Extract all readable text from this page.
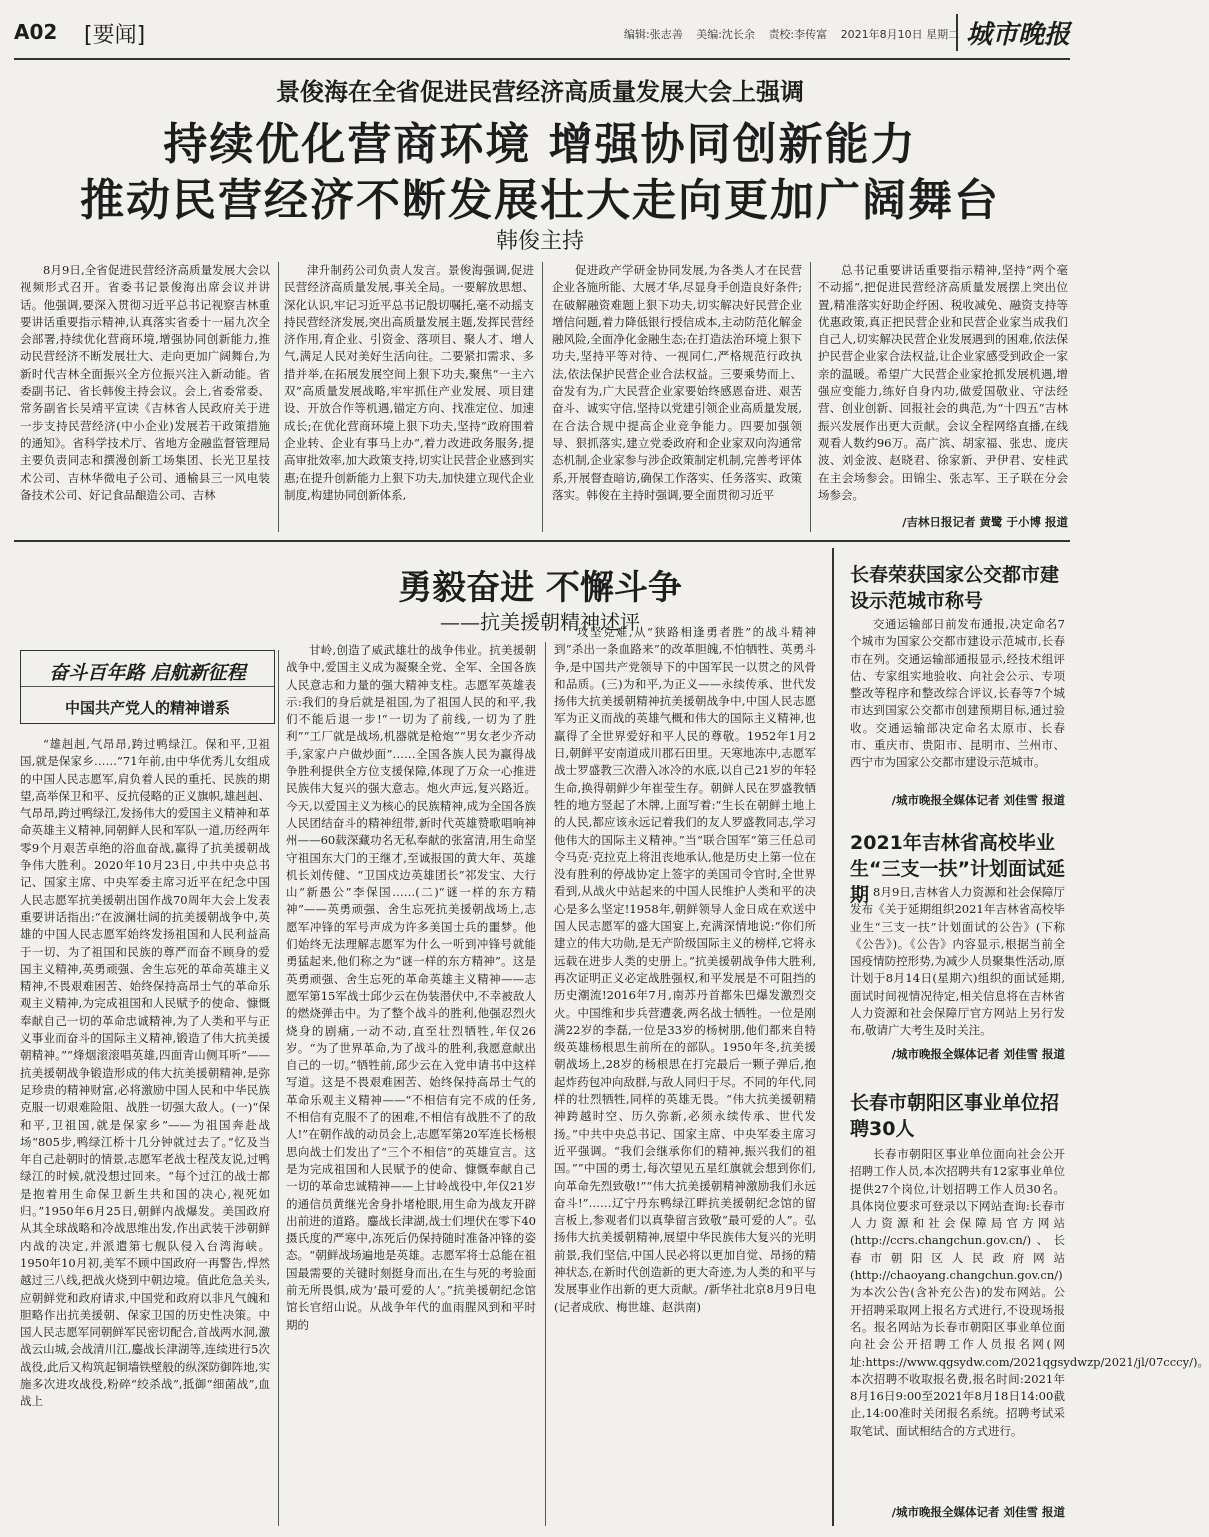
A02 [要闻]	编辑:张志善 美编:沈长余 责校:李传富 2021年8月10日 星期二 城市晚报
景俊海在全省促进民营经济高质量发展大会上强调
持续优化营商环境 增强协同创新能力
推动民营经济不断发展壮大走向更加广阔舞台
韩俊主持

8月9日,全省促进民营经济高质量发展大会以视频形式召开。省委书记景俊海出席会议并讲话。他强调,要深入贯彻习近平总书记视察吉林重要讲话重要指示精神,认真落实省委十一届九次全会部署,持续优化营商环境,增强协同创新能力,推动民营经济不断发展壮大、走向更加广阔舞台,为新时代吉林全面振兴全方位振兴注入新动能。省委副书记、省长韩俊主持会议。会上,省委常委、常务副省长吴靖平宣读《吉林省人民政府关于进一步支持民营经济(中小企业)发展若干政策措施的通知》。省科学技术厅、省地方金融监督管理局主要负责同志和撰漫创新工场集团、长光卫星技术公司、吉林华微电子公司、通榆县三一风电装备技术公司、好记食品酿造公司、吉林

津升制药公司负责人发言。景俊海强调,促进民营经济高质量发展,事关全局。一要解放思想、深化认识,牢记习近平总书记殷切嘱托,毫不动摇支持民营经济发展,突出高质量发展主题,发挥民营经济作用,育企业、引资金、落项目、聚人才、增人气,满足人民对美好生活向往。二要紧扣需求、多措并举,在拓展发展空间上狠下功夫,聚焦“一主六双”高质量发展战略,牢牢抓住产业发展、项目建设、开放合作等机遇,锚定方向、找准定位、加速成长;在优化营商环境上狠下功夫,坚持“政府围着企业转、企业有事马上办”,着力改进政务服务,提高审批效率,加大政策支持,切实让民营企业感到实惠;在提升创新能力上狠下功夫,加快建立现代企业制度,构建协同创新体系,

促进政产学研金协同发展,为各类人才在民营企业各施所能、大展才华,尽显身手创造良好条件;在破解融资难题上狠下功夫,切实解决好民营企业增信问题,着力降低银行授信成本,主动防范化解金融风险,全面净化金融生态;在打造法治环境上狠下功夫,坚持平等对待、一视同仁,严格规范行政执法,依法保护民营企业合法权益。三要乘势而上、奋发有为,广大民营企业家要始终感恩奋进、艰苦奋斗、诚实守信,坚持以党建引领企业高质量发展,在合法合规中提高企业竞争能力。四要加强领导、狠抓落实,建立党委政府和企业家双向沟通常态机制,企业家参与涉企政策制定机制,完善考评体系,开展督查暗访,确保工作落实、任务落实、政策落实。韩俊在主持时强调,要全面贯彻习近平

总书记重要讲话重要指示精神,坚持“两个毫不动摇”,把促进民营经济高质量发展摆上突出位置,精准落实好助企纾困、税收减免、融资支持等优惠政策,真正把民营企业和民营企业家当成我们自己人,切实解决民营企业发展遇到的困难,依法保护民营企业家合法权益,让企业家感受到政企一家亲的温暖。希望广大民营企业家抢抓发展机遇,增强应变能力,练好自身内功,做爱国敬业、守法经营、创业创新、回报社会的典范,为“十四五”吉林振兴发展作出更大贡献。会议全程网络直播,在线观看人数约96万。高广滨、胡家福、张忠、庞庆波、刘金波、赵晓君、徐家新、尹伊君、安桂武在主会场参会。田锦尘、张志军、王子联在分会场参会。

/吉林日报记者 黄鹭 于小博 报道
勇毅奋进 不懈斗争
——抗美援朝精神述评
奋斗百年路 启航新征程
中国共产党人的精神谱系

“雄赳赳,气昂昂,跨过鸭绿江。保和平,卫祖国,就是保家乡……”71年前,由中华优秀儿女组成的中国人民志愿军,肩负着人民的重托、民族的期望,高举保卫和平、反抗侵略的正义旗帜,雄赳赳、气昂昂,跨过鸭绿江,发扬伟大的爱国主义精神和革命英雄主义精神,同朝鲜人民和军队一道,历经两年零9个月艰苦卓绝的浴血奋战,赢得了抗美援朝战争伟大胜利。2020年10月23日,中共中央总书记、国家主席、中央军委主席习近平在纪念中国人民志愿军抗美援朝出国作战70周年大会上发表重要讲话指出:“在波澜壮阔的抗美援朝战争中,英雄的中国人民志愿军始终发扬祖国和人民利益高于一切、为了祖国和民族的尊严而奋不顾身的爱国主义精神,英勇顽强、舍生忘死的革命英雄主义精神,不畏艰难困苦、始终保持高昂士气的革命乐观主义精神,为完成祖国和人民赋予的使命、慷慨奉献自己一切的革命忠诚精神,为了人类和平与正义事业而奋斗的国际主义精神,锻造了伟大抗美援朝精神。”“烽烟滚滚唱英雄,四面青山侧耳听”——抗美援朝战争锻造形成的伟大抗美援朝精神,是弥足珍贵的精神财富,必将激励中国人民和中华民族克服一切艰难险阻、战胜一切强大敌人。(一)“保和平,卫祖国,就是保家乡”——为祖国奔赴战场“805步,鸭绿江桥十几分钟就过去了。”忆及当年自己赴朝时的情景,志愿军老战士程茂友说,过鸭绿江的时候,就没想过回来。“每个过江的战士都是抱着用生命保卫新生共和国的决心,视死如归。”1950年6月25日,朝鲜内战爆发。美国政府从其全球战略和冷战思维出发,作出武装干涉朝鲜内战的决定,并派遣第七舰队侵入台湾海峡。1950年10月初,美军不顾中国政府一再警告,悍然越过三八线,把战火烧到中朝边境。值此危急关头,应朝鲜党和政府请求,中国党和政府以非凡气魄和胆略作出抗美援朝、保家卫国的历史性决策。中国人民志愿军同朝鲜军民密切配合,首战两水洞,激战云山城,会战清川江,鏖战长津湖等,连续进行5次战役,此后又构筑起铜墙铁壁般的纵深防御阵地,实施多次进攻战役,粉碎“绞杀战”,抵御“细菌战”,血战上

甘岭,创造了威武雄壮的战争伟业。抗美援朝战争中,爱国主义成为凝聚全党、全军、全国各族人民意志和力量的强大精神支柱。志愿军英雄表示:我们的身后就是祖国,为了祖国人民的和平,我们不能后退一步!“一切为了前线,一切为了胜利”“工厂就是战场,机器就是枪炮”“男女老少齐动手,家家户户做炒面”……全国各族人民为赢得战争胜利提供全方位支援保障,体现了万众一心推进民族伟大复兴的强大意志。炮火声远,复兴路近。今天,以爱国主义为核心的民族精神,成为全国各族人民团结奋斗的精神纽带,新时代英雄赞歌唱响神州——60载深藏功名无私奉献的张富清,用生命坚守祖国东大门的王继才,至诚报国的黄大年、英雄机长刘传健、“卫国戍边英雄团长”祁发宝、大行山“新愚公”李保国……(二)“谜一样的东方精神”——英勇顽强、舍生忘死抗美援朝战场上,志愿军冲锋的军号声成为许多美国士兵的噩梦。他们始终无法理解志愿军为什么一听到冲锋号就能勇猛起来,他们称之为“谜一样的东方精神”。这是英勇顽强、舍生忘死的革命英雄主义精神——志愿军第15军战士邱少云在伪装潜伏中,不幸被敌人的燃烧弹击中。为了整个战斗的胜利,他强忍烈火烧身的剧痛,一动不动,直至壮烈牺牲,年仅26岁。“为了世界革命,为了战斗的胜利,我愿意献出自己的一切。”牺牲前,邱少云在入党申请书中这样写道。这是不畏艰难困苦、始终保持高昂士气的革命乐观主义精神——“不相信有完不成的任务,不相信有克服不了的困难,不相信有战胜不了的敌人!”在朝作战的动员会上,志愿军第20军连长杨根思向战士们发出了“三个不相信”的英雄宣言。这是为完成祖国和人民赋予的使命、慷慨奉献自己一切的革命忠诚精神——上甘岭战役中,年仅21岁的通信员黄继光舍身扑堵枪眼,用生命为战友开辟出前进的道路。鏖战长津湖,战士们埋伏在零下40摄氏度的严寒中,冻死后仍保持随时准备冲锋的姿态。“朝鲜战场遍地是英雄。志愿军将士总能在祖国最需要的关键时刻挺身而出,在生与死的考验面前无所畏惧,成为‘最可爱的人’。”抗美援朝纪念馆馆长官绍山说。从战争年代的血雨腥风到和平时期的

攻坚克难,从“狭路相逢勇者胜”的战斗精神到“杀出一条血路来”的改革胆魄,不怕牺牲、英勇斗争,是中国共产党领导下的中国军民一以贯之的风骨和品质。(三)为和平,为正义——永续传承、世代发扬伟大抗美援朝精神抗美援朝战争中,中国人民志愿军为正义而战的英雄气概和伟大的国际主义精神,也赢得了全世界爱好和平人民的尊敬。1952年1月2日,朝鲜平安南道成川郡石田里。天寒地冻中,志愿军战士罗盛教三次潜入冰冷的水底,以自己21岁的年轻生命,换得朝鲜少年崔莹生存。朝鲜人民在罗盛教牺牲的地方竖起了木牌,上面写着:“生长在朝鲜土地上的人民,都应该永远记着我们的友人罗盛教同志,学习他伟大的国际主义精神。”当“联合国军”第三任总司令马克·克拉克上将沮丧地承认,他是历史上第一位在没有胜利的停战协定上签字的美国司令官时,全世界看到,从战火中站起来的中国人民维护人类和平的决心是多么坚定!1958年,朝鲜领导人金日成在欢送中国人民志愿军的盛大国宴上,充满深情地说:“你们所建立的伟大功勋,是无产阶级国际主义的榜样,它将永远载在进步人类的史册上。”抗美援朝战争伟大胜利,再次证明正义必定战胜强权,和平发展是不可阻挡的历史潮流!2016年7月,南苏丹首都朱巴爆发激烈交火。中国维和步兵营遭袭,两名战士牺牲。一位是刚满22岁的李磊,一位是33岁的杨树朋,他们都来自特级英雄杨根思生前所在的部队。1950年冬,抗美援朝战场上,28岁的杨根思在打完最后一颗子弹后,抱起炸药包冲向敌群,与敌人同归于尽。不同的年代,同样的壮烈牺牲,同样的英雄无畏。“伟大抗美援朝精神跨越时空、历久弥新,必须永续传承、世代发扬。”中共中央总书记、国家主席、中央军委主席习近平强调。“我们会继承你们的精神,振兴我们的祖国。”“中国的勇士,每次望见五星红旗就会想到你们,向革命先烈致敬!”“伟大抗美援朝精神激励我们永远奋斗!”……辽宁丹东鸭绿江畔抗美援朝纪念馆的留言板上,参观者们以真挚留言致敬“最可爱的人”。弘扬伟大抗美援朝精神,展望中华民族伟大复兴的光明前景,我们坚信,中国人民必将以更加自觉、昂扬的精神状态,在新时代创造新的更大奇迹,为人类的和平与发展事业作出新的更大贡献。/新华社北京8月9日电(记者成欣、梅世雄、赵洪南)

长春荣获国家公交都市建设示范城市称号

交通运输部日前发布通报,决定命名7个城市为国家公交都市建设示范城市,长春市在列。交通运输部通报显示,经技术组评估、专家组实地验收、向社会公示、专项整改等程序和整改综合评议,长春等7个城市达到国家公交都市创建预期目标,通过验收。交通运输部决定命名太原市、长春市、重庆市、贵阳市、昆明市、兰州市、西宁市为国家公交都市建设示范城市。

/城市晚报全媒体记者 刘佳雪 报道
2021年吉林省高校毕业生“三支一扶”计划面试延期 8月9日,吉林省人力资源和社会保障厅发布《关于延期组织2021年吉林省高校毕业生“三支一扶”计划面试的公告》(下称《公告》)。《公告》内容显示,根据当前全国疫情防控形势,为减少人员聚集性活动,原计划于8月14日(星期六)组织的面试延期,面试时间视情况待定,相关信息将在吉林省人力资源和社会保障厅官方网站上另行发布,敬请广大考生及时关注。

/城市晚报全媒体记者 刘佳雪 报道
长春市朝阳区事业单位招聘30人

长春市朝阳区事业单位面向社会公开招聘工作人员,本次招聘共有12家事业单位提供27个岗位,计划招聘工作人员30名。具体岗位要求可登录以下网站查询:长春市人力资源和社会保障局官方网站(http://ccrs.changchun.gov.cn/)、长春市朝阳区人民政府网站(http://chaoyang.changchun.gov.cn/)为本次公告(含补充公告)的发布网站。公开招聘采取网上报名方式进行,不设现场报名。报名网站为长春市朝阳区事业单位面向社会公开招聘工作人员报名网(网址:https://www.qgsydw.com/2021qgsydwzp/2021/jl/07cccy/)。本次招聘不收取报名费,报名时间:2021年8月16日9:00至2021年8月18日14:00截止,14:00准时关闭报名系统。招聘考试采取笔试、面试相结合的方式进行。

/城市晚报全媒体记者 刘佳雪 报道
